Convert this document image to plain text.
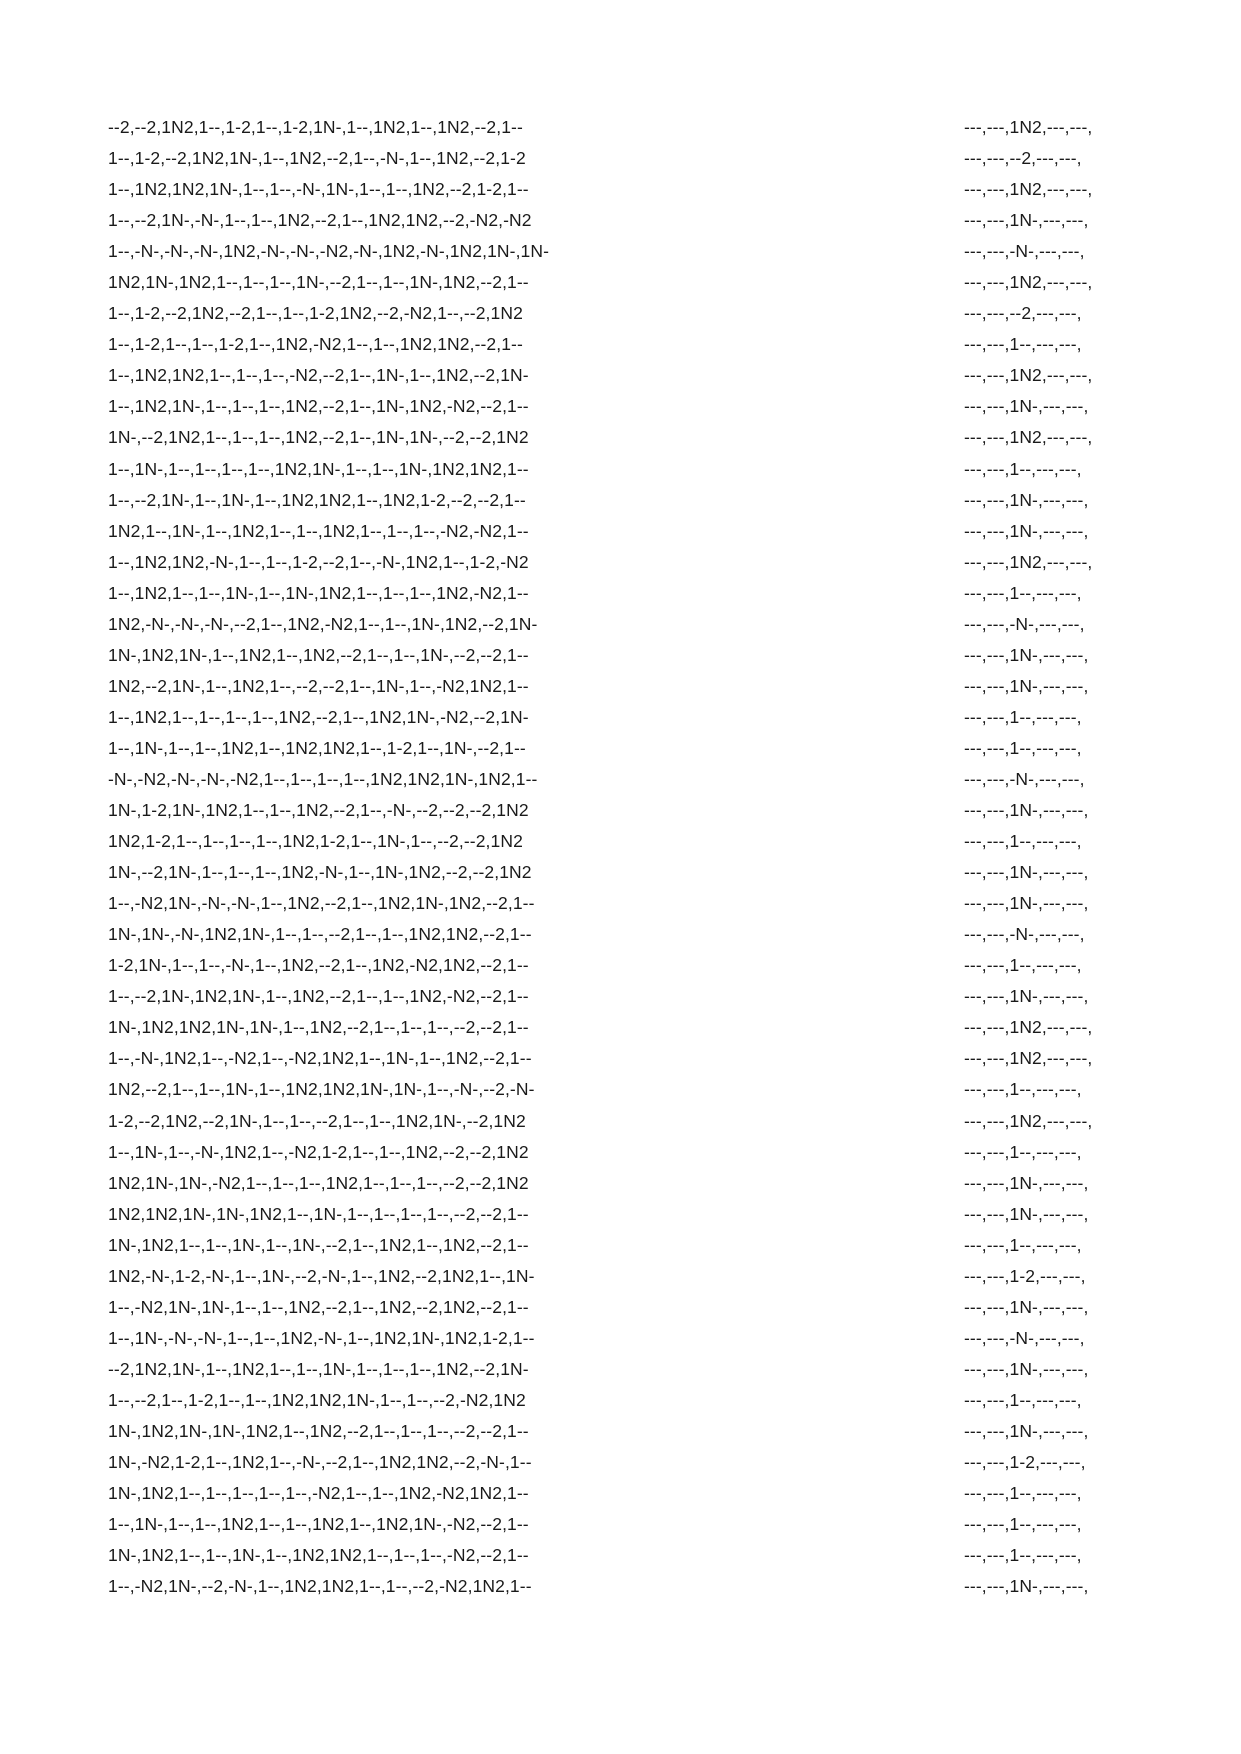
--2,--2,1N2,1--,1-2,1--,1-2,1N-,1--,1N2,1--,1N2,--2,1--
1--,1-2,--2,1N2,1N-,1--,1N2,--2,1--,-N-,1--,1N2,--2,1-2
1--,1N2,1N2,1N-,1--,1--,-N-,1N-,1--,1--,1N2,--2,1-2,1--
1--,--2,1N-,-N-,1--,1--,1N2,--2,1--,1N2,1N2,--2,-N2,-N2
1--,-N-,-N-,-N-,1N2,-N-,-N-,-N2,-N-,1N2,-N-,1N2,1N-,1N-
1N2,1N-,1N2,1--,1--,1--,1N-,--2,1--,1--,1N-,1N2,--2,1--
1--,1-2,--2,1N2,--2,1--,1--,1-2,1N2,--2,-N2,1--,--2,1N2
1--,1-2,1--,1--,1-2,1--,1N2,-N2,1--,1--,1N2,1N2,--2,1--
1--,1N2,1N2,1--,1--,1--,-N2,--2,1--,1N-,1--,1N2,--2,1N-
1--,1N2,1N-,1--,1--,1--,1N2,--2,1--,1N-,1N2,-N2,--2,1--
1N-,--2,1N2,1--,1--,1--,1N2,--2,1--,1N-,1N-,--2,--2,1N2
1--,1N-,1--,1--,1--,1--,1N2,1N-,1--,1--,1N-,1N2,1N2,1--
1--,--2,1N-,1--,1N-,1--,1N2,1N2,1--,1N2,1-2,--2,--2,1--
1N2,1--,1N-,1--,1N2,1--,1--,1N2,1--,1--,1--,-N2,-N2,1--
1--,1N2,1N2,-N-,1--,1--,1-2,--2,1--,-N-,1N2,1--,1-2,-N2
1--,1N2,1--,1--,1N-,1--,1N-,1N2,1--,1--,1--,1N2,-N2,1--
1N2,-N-,-N-,-N-,--2,1--,1N2,-N2,1--,1--,1N-,1N2,--2,1N-
1N-,1N2,1N-,1--,1N2,1--,1N2,--2,1--,1--,1N-,--2,--2,1--
1N2,--2,1N-,1--,1N2,1--,--2,--2,1--,1N-,1--,-N2,1N2,1--
1--,1N2,1--,1--,1--,1--,1N2,--2,1--,1N2,1N-,-N2,--2,1N-
1--,1N-,1--,1--,1N2,1--,1N2,1N2,1--,1-2,1--,1N-,--2,1--
-N-,-N2,-N-,-N-,-N2,1--,1--,1--,1--,1N2,1N2,1N-,1N2,1--
1N-,1-2,1N-,1N2,1--,1--,1N2,--2,1--,-N-,--2,--2,--2,1N2
1N2,1-2,1--,1--,1--,1--,1N2,1-2,1--,1N-,1--,--2,--2,1N2
1N-,--2,1N-,1--,1--,1--,1N2,-N-,1--,1N-,1N2,--2,--2,1N2
1--,-N2,1N-,-N-,-N-,1--,1N2,--2,1--,1N2,1N-,1N2,--2,1--
1N-,1N-,-N-,1N2,1N-,1--,1--,--2,1--,1--,1N2,1N2,--2,1--
1-2,1N-,1--,1--,-N-,1--,1N2,--2,1--,1N2,-N2,1N2,--2,1--
1--,--2,1N-,1N2,1N-,1--,1N2,--2,1--,1--,1N2,-N2,--2,1--
1N-,1N2,1N2,1N-,1N-,1--,1N2,--2,1--,1--,1--,--2,--2,1--
1--,-N-,1N2,1--,-N2,1--,-N2,1N2,1--,1N-,1--,1N2,--2,1--
1N2,--2,1--,1--,1N-,1--,1N2,1N2,1N-,1N-,1--,-N-,--2,-N-
1-2,--2,1N2,--2,1N-,1--,1--,--2,1--,1--,1N2,1N-,--2,1N2
1--,1N-,1--,-N-,1N2,1--,-N2,1-2,1--,1--,1N2,--2,--2,1N2
1N2,1N-,1N-,-N2,1--,1--,1--,1N2,1--,1--,1--,--2,--2,1N2
1N2,1N2,1N-,1N-,1N2,1--,1N-,1--,1--,1--,1--,--2,--2,1--
1N-,1N2,1--,1--,1N-,1--,1N-,--2,1--,1N2,1--,1N2,--2,1--
1N2,-N-,1-2,-N-,1--,1N-,--2,-N-,1--,1N2,--2,1N2,1--,1N-
1--,-N2,1N-,1N-,1--,1--,1N2,--2,1--,1N2,--2,1N2,--2,1--
1--,1N-,-N-,-N-,1--,1--,1N2,-N-,1--,1N2,1N-,1N2,1-2,1--
--2,1N2,1N-,1--,1N2,1--,1--,1N-,1--,1--,1--,1N2,--2,1N-
1--,--2,1--,1-2,1--,1--,1N2,1N2,1N-,1--,1--,--2,-N2,1N2
1N-,1N2,1N-,1N-,1N2,1--,1N2,--2,1--,1--,1--,--2,--2,1--
1N-,-N2,1-2,1--,1N2,1--,-N-,--2,1--,1N2,1N2,--2,-N-,1--
1N-,1N2,1--,1--,1--,1--,1--,-N2,1--,1--,1N2,-N2,1N2,1--
1--,1N-,1--,1--,1N2,1--,1--,1N2,1--,1N2,1N-,-N2,--2,1--
1N-,1N2,1--,1--,1N-,1--,1N2,1N2,1--,1--,1--,-N2,--2,1--
1--,-N2,1N-,--2,-N-,1--,1N2,1N2,1--,1--,--2,-N2,1N2,1--
---,---,1N2,---,---,
---,---,--2,---,---,
---,---,1N2,---,---,
---,---,1N-,---,---,
---,---,-N-,---,---,
---,---,1N2,---,---,
---,---,--2,---,---,
---,---,1--,---,---,
---,---,1N2,---,---,
---,---,1N-,---,---,
---,---,1N2,---,---,
---,---,1--,---,---,
---,---,1N-,---,---,
---,---,1N-,---,---,
---,---,1N2,---,---,
---,---,1--,---,---,
---,---,-N-,---,---,
---,---,1N-,---,---,
---,---,1N-,---,---,
---,---,1--,---,---,
---,---,1--,---,---,
---,---,-N-,---,---,
---,---,1N-,---,---,
---,---,1--,---,---,
---,---,1N-,---,---,
---,---,1N-,---,---,
---,---,-N-,---,---,
---,---,1--,---,---,
---,---,1N-,---,---,
---,---,1N2,---,---,
---,---,1N2,---,---,
---,---,1--,---,---,
---,---,1N2,---,---,
---,---,1--,---,---,
---,---,1N-,---,---,
---,---,1N-,---,---,
---,---,1--,---,---,
---,---,1-2,---,---,
---,---,1N-,---,---,
---,---,-N-,---,---,
---,---,1N-,---,---,
---,---,1--,---,---,
---,---,1N-,---,---,
---,---,1-2,---,---,
---,---,1--,---,---,
---,---,1--,---,---,
---,---,1--,---,---,
---,---,1N-,---,---,
